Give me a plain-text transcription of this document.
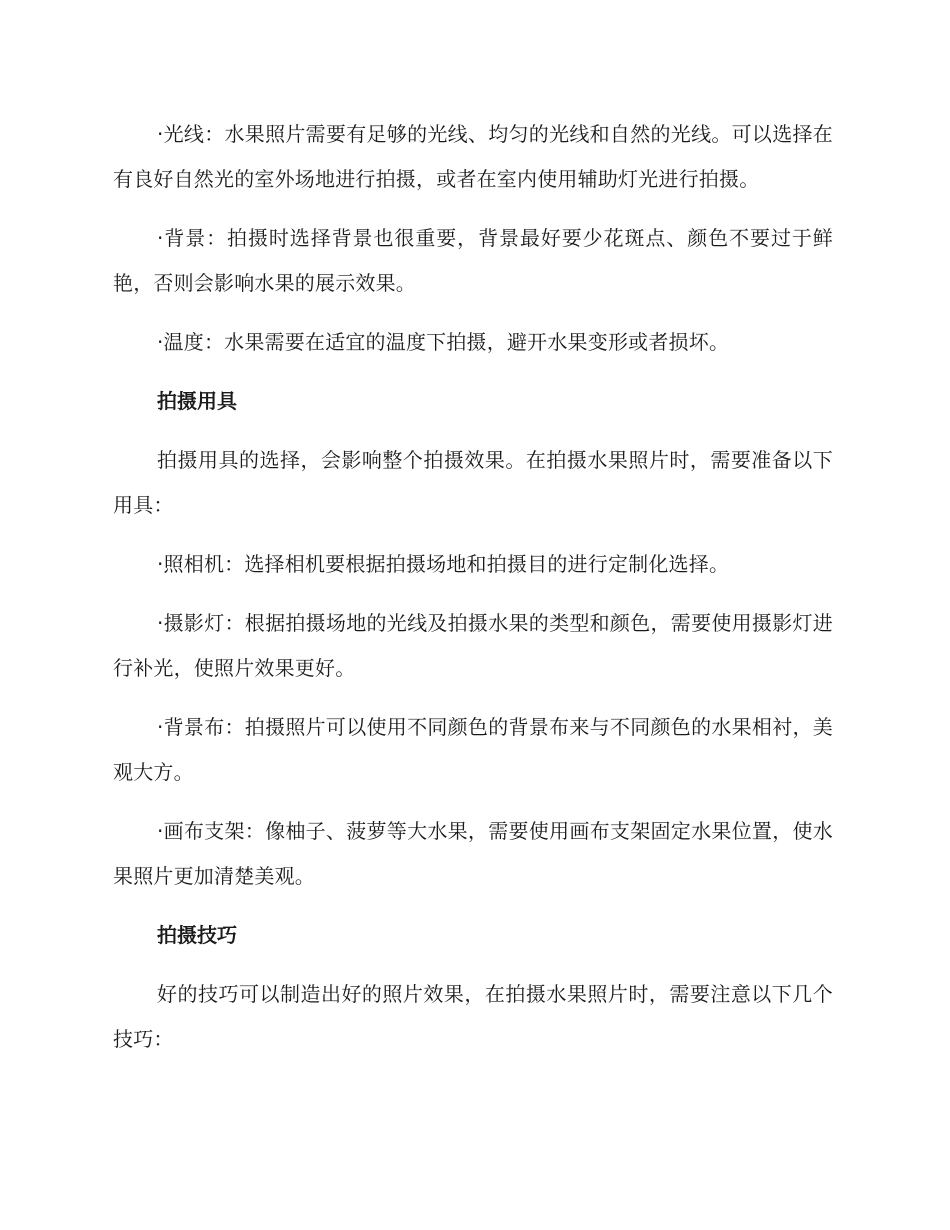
·光线：水果照片需要有足够的光线、均匀的光线和自然的光线。可以选择在有良好自然光的室外场地进行拍摄，或者在室内使用辅助灯光进行拍摄。

·背景：拍摄时选择背景也很重要，背景最好要少花斑点、颜色不要过于鲜艳，否则会影响水果的展示效果。

·温度：水果需要在适宜的温度下拍摄，避开水果变形或者损坏。

拍摄用具

拍摄用具的选择，会影响整个拍摄效果。在拍摄水果照片时，需要准备以下用具：

·照相机：选择相机要根据拍摄场地和拍摄目的进行定制化选择。

·摄影灯：根据拍摄场地的光线及拍摄水果的类型和颜色，需要使用摄影灯进行补光，使照片效果更好。

·背景布：拍摄照片可以使用不同颜色的背景布来与不同颜色的水果相衬，美观大方。

·画布支架：像柚子、菠萝等大水果，需要使用画布支架固定水果位置，使水果照片更加清楚美观。

拍摄技巧

好的技巧可以制造出好的照片效果，在拍摄水果照片时，需要注意以下几个技巧：
